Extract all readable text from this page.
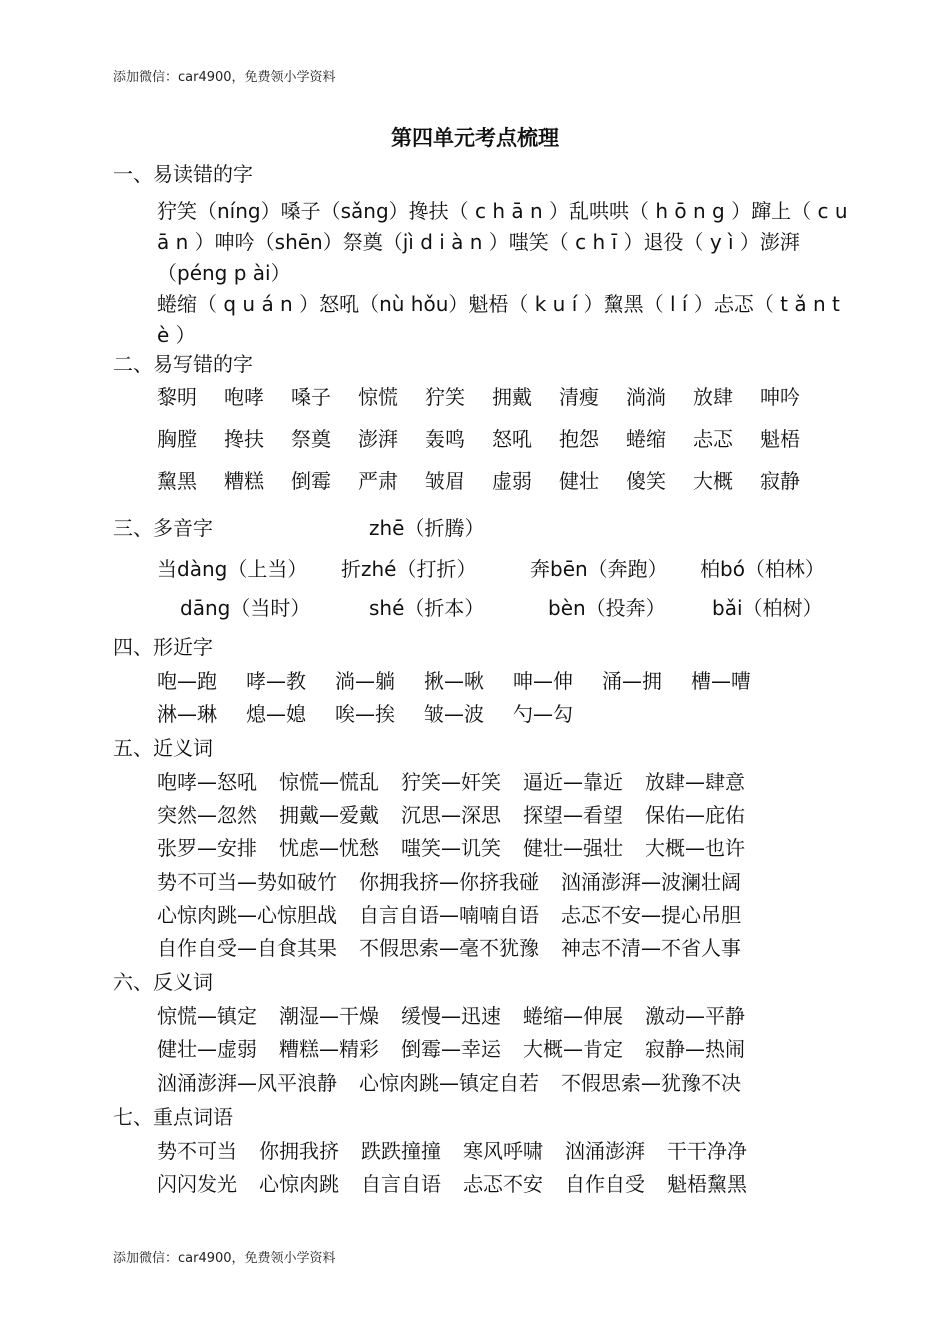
添加微信：car4900，免费领小学资料
第四单元考点梳理
一、易读错的字
狞笑（níng）嗓子（sǎng）搀扶（ c h ā n ）乱哄哄（ h ō n g ）蹿上（ c u ā n ）呻吟（shēn）祭奠（jì d i à n ）嗤笑（ c h ī ）退役（ y ì ）澎湃（péng p ài）
蜷缩（ q u á n ）怒吼（nù hǒu）魁梧（ k u í ）黧黑（ l í ）忐忑（ t ǎ n t è ）
二、易写错的字
黎明 咆哮 嗓子 惊慌 狞笑 拥戴 清瘦 淌淌 放肆 呻吟
胸膛 搀扶 祭奠 澎湃 轰鸣 怒吼 抱怨 蜷缩 忐忑 魁梧
黧黑 糟糕 倒霉 严肃 皱眉 虚弱 健壮 傻笑 大概 寂静
三、多音字	zhē（折腾）
当dàng（上当） 折zhé（打折）	奔bēn（奔跑） 柏bó（柏林）
dāng（当时）	shé（折本）	bèn（投奔） bǎi（柏树）
四、形近字
咆—跑 哮—教 淌—躺 揪—啾 呻—伸 涌—拥 槽—嘈
淋—琳 熄—媳 唉—挨 皱—波 勺—勾
五、近义词
咆哮—怒吼 惊慌—慌乱 狞笑—奸笑 逼近—靠近 放肆—肆意
突然—忽然 拥戴—爱戴 沉思—深思 探望—看望 保佑—庇佑
张罗—安排 忧虑—忧愁 嗤笑—讥笑 健壮—强壮 大概—也许
势不可当—势如破竹 你拥我挤—你挤我碰 汹涌澎湃—波澜壮阔
心惊肉跳—心惊胆战 自言自语—喃喃自语 忐忑不安—提心吊胆
自作自受—自食其果 不假思索—毫不犹豫 神志不清—不省人事
六、反义词
惊慌—镇定 潮湿—干燥 缓慢—迅速 蜷缩—伸展 激动—平静
健壮—虚弱 糟糕—精彩 倒霉—幸运 大概—肯定 寂静—热闹
汹涌澎湃—风平浪静 心惊肉跳—镇定自若 不假思索—犹豫不决
七、重点词语
势不可当 你拥我挤 跌跌撞撞 寒风呼啸 汹涌澎湃 干干净净
闪闪发光 心惊肉跳 自言自语 忐忑不安 自作自受 魁梧黧黑
添加微信：car4900，免费领小学资料
